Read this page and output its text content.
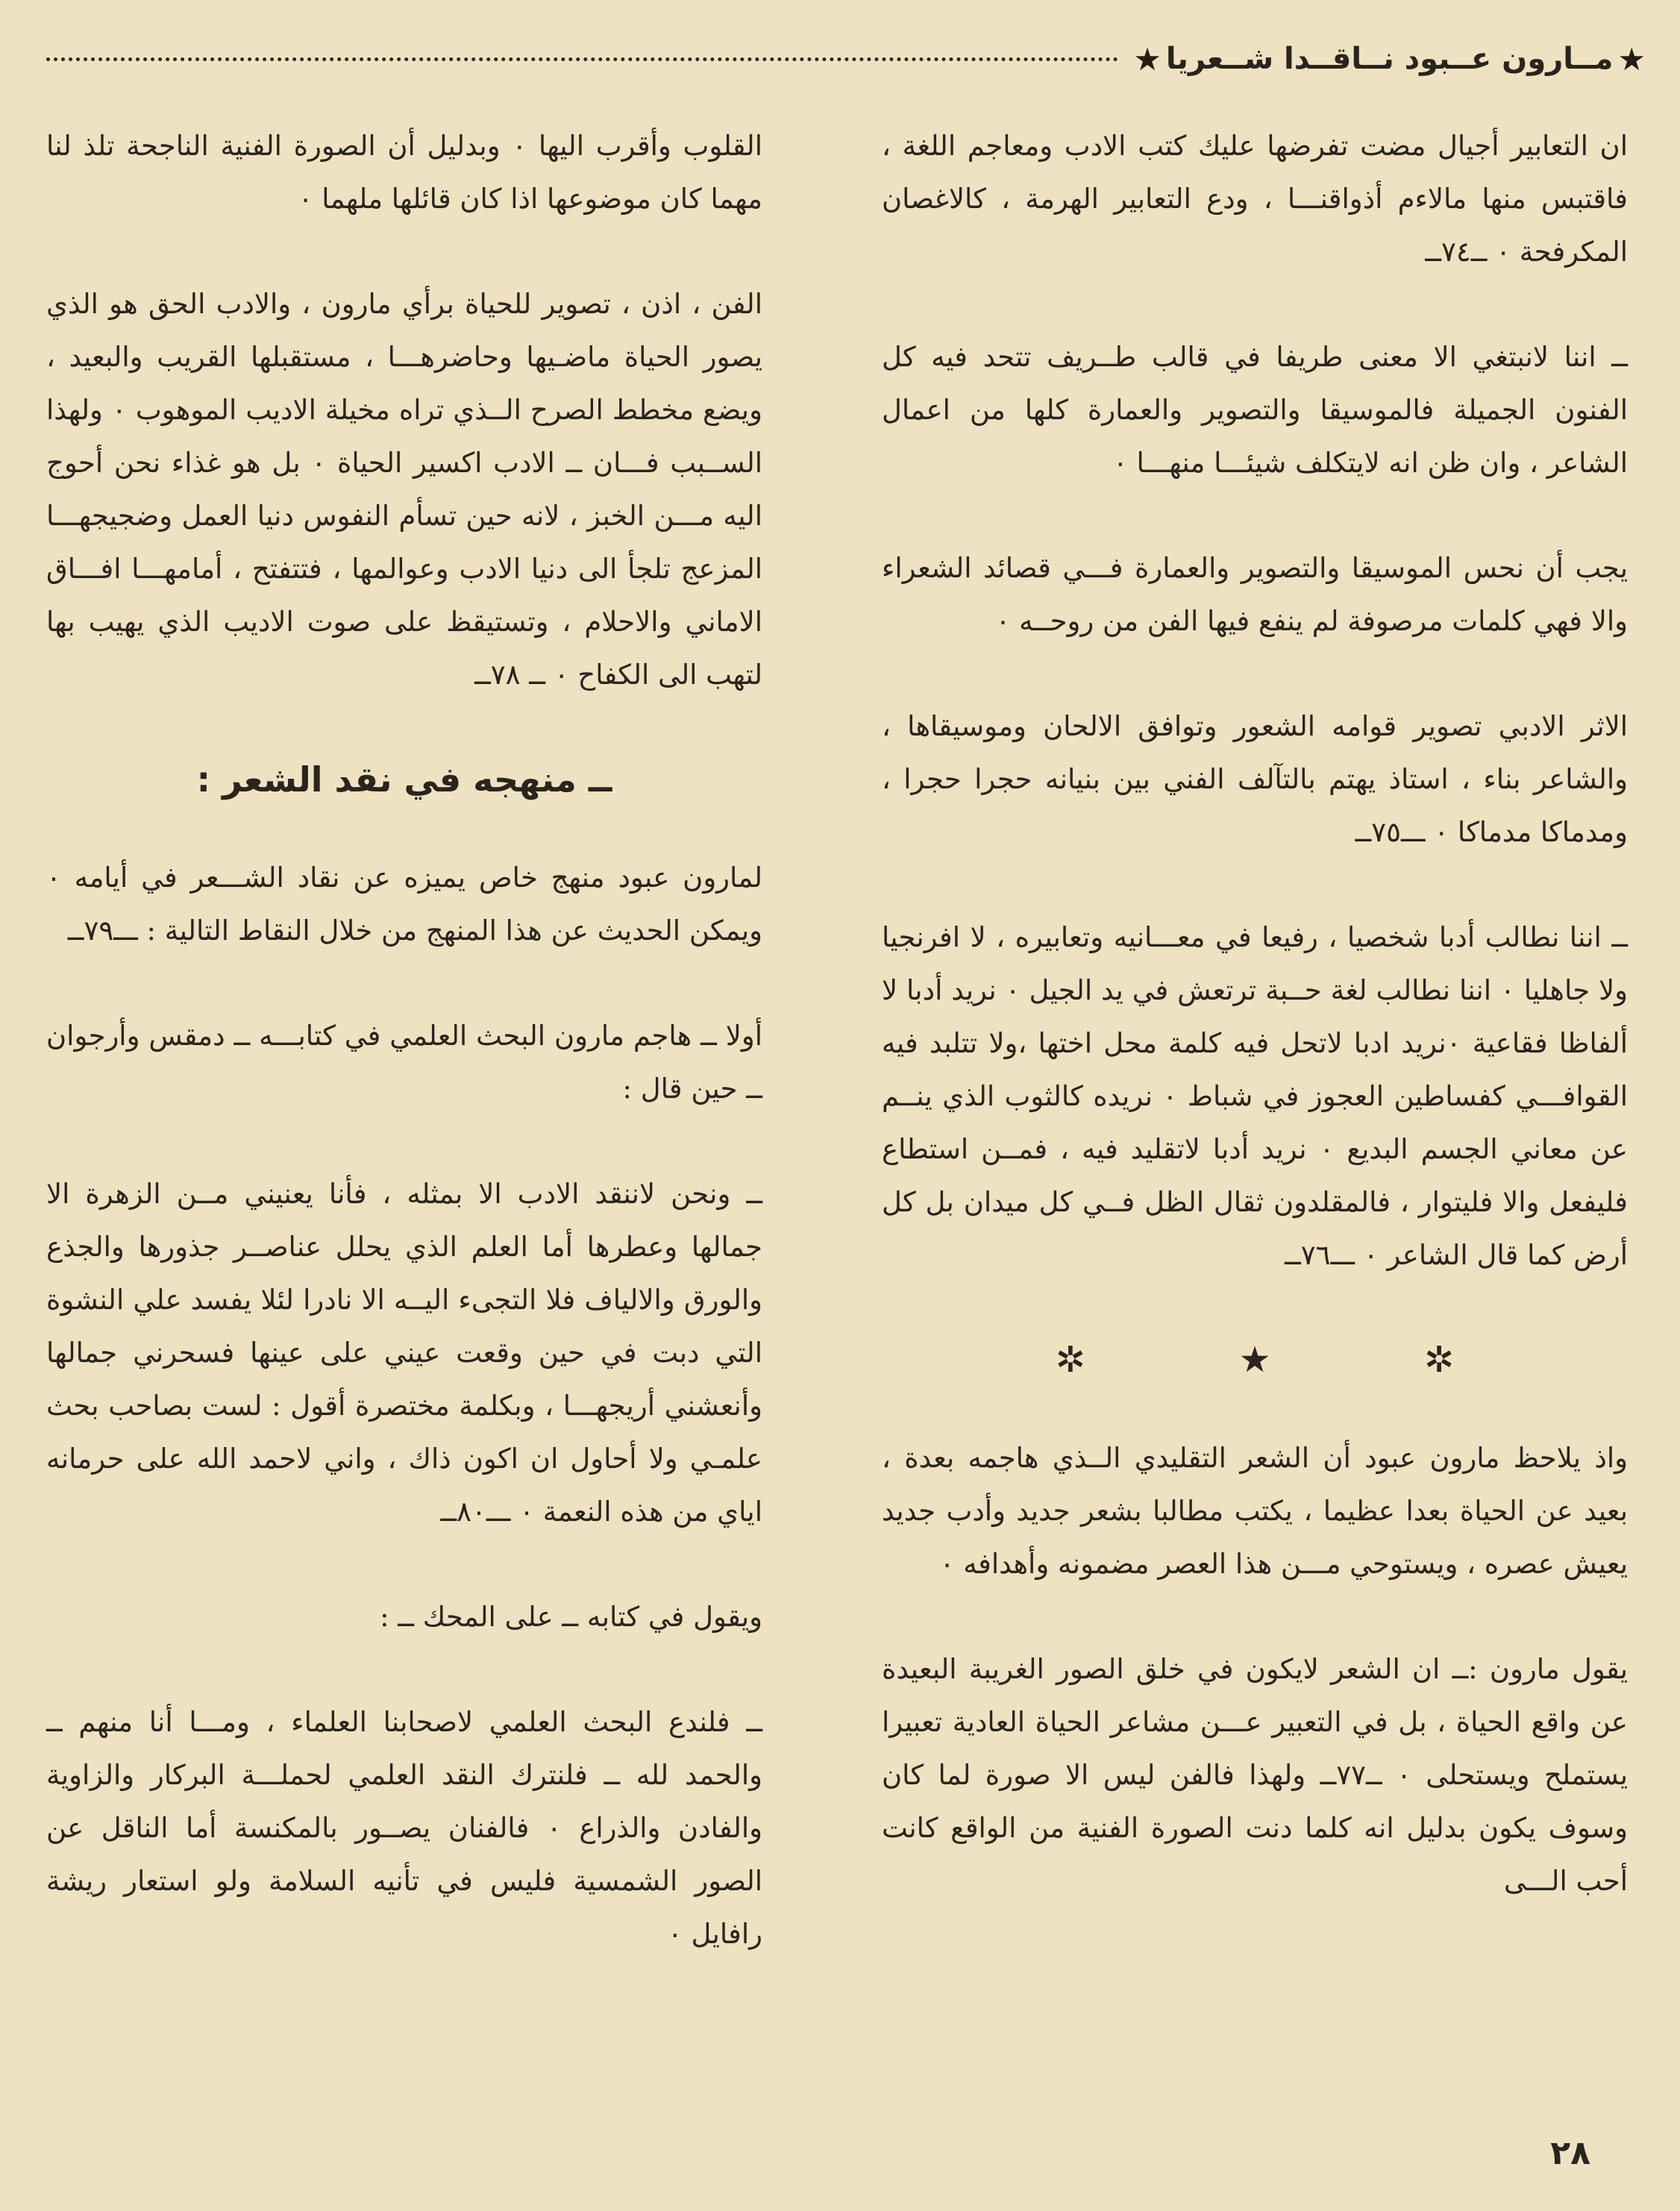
★
مــارون عــبود نــاقــدا شــعريا
★

ان التعابير أجيال مضت تفرضها عليك كتب الادب ومعاجم اللغة ، فاقتبس منها مالاءم أذواقنـــا ، ودع التعابير الهرمة ، كالاغصان المكرفحة ٠ ــ٧٤ــ

ــ اننا لانبتغي الا معنى طريفا في قالب طــريف تتحد فيه كل الفنون الجميلة فالموسيقا والتصوير والعمارة كلها من اعمال الشاعر ، وان ظن انه لايتكلف شيئـــا منهـــا ٠

يجب أن نحس الموسيقا والتصوير والعمارة فـــي قصائد الشعراء والا فهي كلمات مرصوفة لم ينفع فيها الفن من روحــه ٠

الاثر الادبي تصوير قوامه الشعور وتوافق الالحان وموسيقاها ، والشاعر بناء ، استاذ يهتم بالتآلف الفني بين بنيانه حجرا حجرا ، ومدماكا مدماكا ٠ ـــ٧٥ــ

ــ اننا نطالب أدبا شخصيا ، رفيعا في معـــانيه وتعابيره ، لا افرنجيا ولا جاهليا ٠ اننا نطالب لغة حــبة ترتعش في يد الجيل ٠ نريد أدبا لا ألفاظا فقاعية ٠نريد ادبا لاتحل فيه كلمة محل اختها ،ولا تتلبد فيه القوافـــي كفساطين العجوز في شباط ٠ نريده كالثوب الذي ينــم عن معاني الجسم البديع ٠ نريد أدبا لاتقليد فيه ، فمــن استطاع فليفعل والا فليتوار ، فالمقلدون ثقال الظل فــي كل ميدان بل كل أرض كما قال الشاعر ٠ ـــ٧٦ــ

✲
★
✲

واذ يلاحظ مارون عبود أن الشعر التقليدي الــذي هاجمه بعدة ، بعيد عن الحياة بعدا عظيما ، يكتب مطالبا بشعر جديد وأدب جديد يعيش عصره ، ويستوحي مـــن هذا العصر مضمونه وأهدافه ٠

يقول مارون :ــ ان الشعر لايكون في خلق الصور الغريبة البعيدة عن واقع الحياة ، بل في التعبير عـــن مشاعر الحياة العادية تعبيرا يستملح ويستحلى ٠ ــ٧٧ــ ولهذا فالفن ليس الا صورة لما كان وسوف يكون بدليل انه كلما دنت الصورة الفنية من الواقع كانت أحب الـــى

القلوب وأقرب اليها ٠ وبدليل أن الصورة الفنية الناجحة تلذ لنا مهما كان موضوعها اذا كان قائلها ملهما ٠

الفن ، اذن ، تصوير للحياة برأي مارون ، والادب الحق هو الذي يصور الحياة ماضـيها وحاضرهـــا ، مستقبلها القريب والبعيد ، ويضع مخطط الصرح الــذي تراه مخيلة الاديب الموهوب ٠ ولهذا الســبب فـــان ــ الادب اكسير الحياة ٠ بل هو غذاء نحن أحوج اليه مـــن الخبز ، لانه حين تسأم النفوس دنيا العمل وضجيجهـــا المزعج تلجأ الى دنيا الادب وعوالمها ، فتتفتح ، أمامهـــا افـــاق الاماني والاحلام ، وتستيقظ على صوت الاديب الذي يهيب بها لتهب الى الكفاح ٠ ــ ٧٨ــ

ــ منهجه في نقد الشعر :

لمارون عبود منهج خاص يميزه عن نقاد الشـــعر في أيامه ٠ ويمكن الحديث عن هذا المنهج من خلال النقاط التالية : ـــ٧٩ــ

أولا ــ هاجم مارون البحث العلمي في كتابـــه ــ دمقس وأرجوان ــ حين قال :

ــ ونحن لاننقد الادب الا بمثله ، فأنا يعنيني مــن الزهرة الا جمالها وعطرها أما العلم الذي يحلل عناصــر جذورها والجذع والورق والالياف فلا التجىء اليــه الا نادرا لئلا يفسد علي النشوة التي دبت في حين وقعت عيني على عينها فسحرني جمالها وأنعشني أريجهـــا ، وبكلمة مختصرة أقول : لست بصاحب بحث علمـي ولا أحاول ان اكون ذاك ، واني لاحمد الله على حرمانه اياي من هذه النعمة ٠ ـــ٨٠ــ

ويقول في كتابه ــ على المحك ــ :

ــ فلندع البحث العلمي لاصحابنا العلماء ، ومـــا أنا منهم ــ والحمد لله ــ فلنترك النقد العلمي لحملـــة البركار والزاوية والفادن والذراع ٠ فالفنان يصــور بالمكنسة أما الناقل عن الصور الشمسية فليس في تأنيه السلامة ولو استعار ريشة رافايل ٠

٢٨
